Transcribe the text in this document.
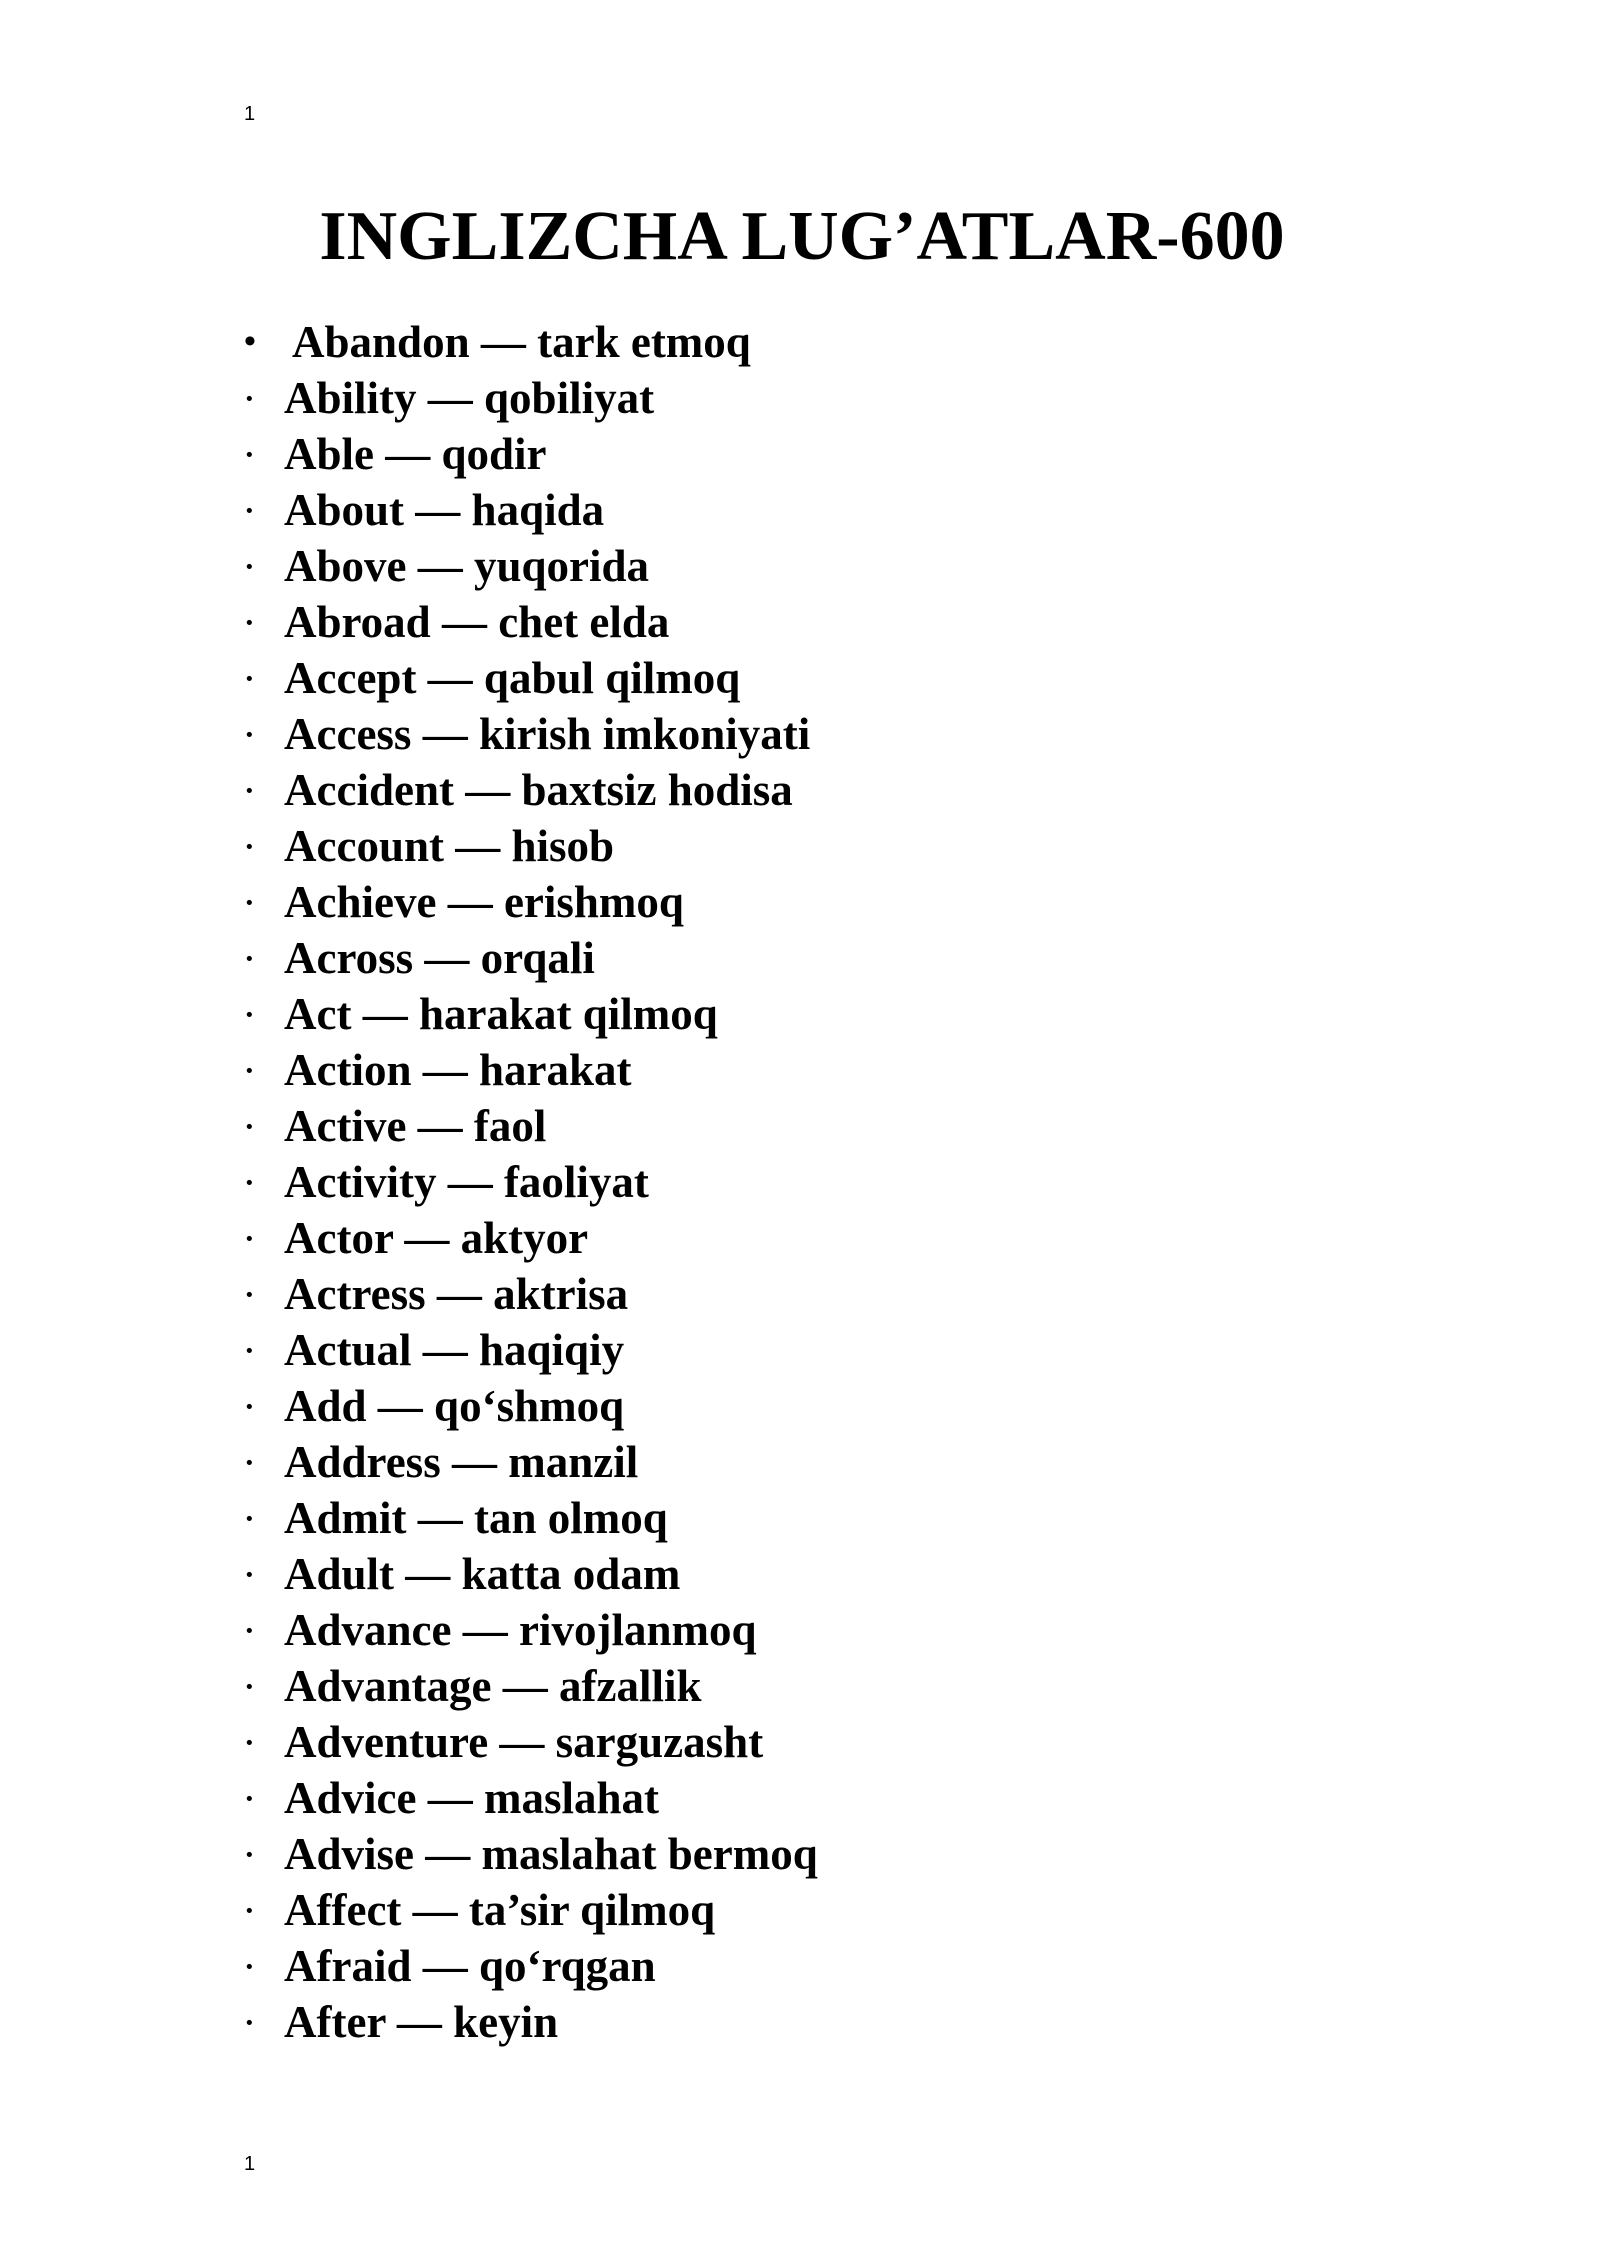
1
INGLIZCHA LUG’ATLAR-600
• Abandon — tark etmoq
· Ability — qobiliyat
· Able — qodir
· About — haqida
· Above — yuqorida
· Abroad — chet elda
· Accept — qabul qilmoq
· Access — kirish imkoniyati
· Accident — baxtsiz hodisa
· Account — hisob
· Achieve — erishmoq
· Across — orqali
· Act — harakat qilmoq
· Action — harakat
· Active — faol
· Activity — faoliyat
· Actor — aktyor
· Actress — aktrisa
· Actual — haqiqiy
· Add — qo‘shmoq
· Address — manzil
· Admit — tan olmoq
· Adult — katta odam
· Advance — rivojlanmoq
· Advantage — afzallik
· Adventure — sarguzasht
· Advice — maslahat
· Advise — maslahat bermoq
· Affect — ta’sir qilmoq
· Afraid — qo‘rqgan
· After — keyin
1
